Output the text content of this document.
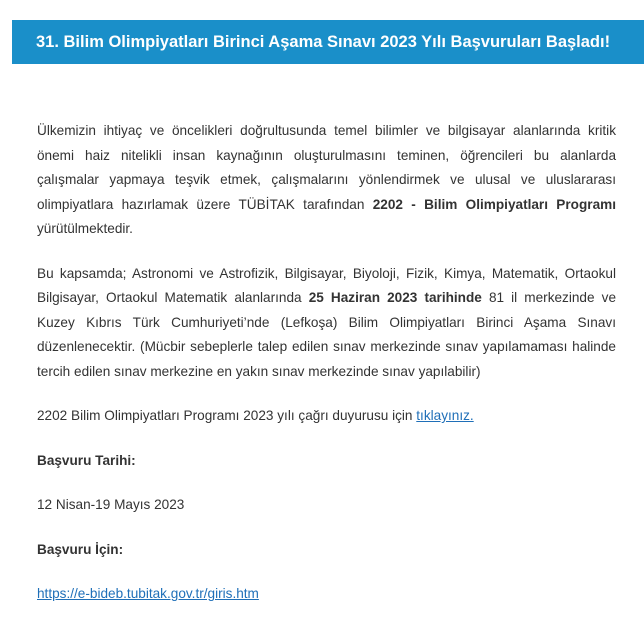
31. Bilim Olimpiyatları Birinci Aşama Sınavı 2023 Yılı Başvuruları Başladı!

Ülkemizin ihtiyaç ve öncelikleri doğrultusunda temel bilimler ve bilgisayar alanlarında kritik önemi haiz nitelikli insan kaynağının oluşturulmasını teminen, öğrencileri bu alanlarda çalışmalar yapmaya teşvik etmek, çalışmalarını yönlendirmek ve ulusal ve uluslararası olimpiyatlara hazırlamak üzere TÜBİTAK tarafından 2202 - Bilim Olimpiyatları Programı yürütülmektedir.

Bu kapsamda; Astronomi ve Astrofizik, Bilgisayar, Biyoloji, Fizik, Kimya, Matematik, Ortaokul Bilgisayar, Ortaokul Matematik alanlarında 25 Haziran 2023 tarihinde 81 il merkezinde ve Kuzey Kıbrıs Türk Cumhuriyeti’nde (Lefkoşa) Bilim Olimpiyatları Birinci Aşama Sınavı düzenlenecektir. (Mücbir sebeplerle talep edilen sınav merkezinde sınav yapılamaması halinde tercih edilen sınav merkezine en yakın sınav merkezinde sınav yapılabilir)

2202 Bilim Olimpiyatları Programı 2023 yılı çağrı duyurusu için tıklayınız.

Başvuru Tarihi:

12 Nisan-19 Mayıs 2023

Başvuru İçin:

https://e-bideb.tubitak.gov.tr/giris.htm
